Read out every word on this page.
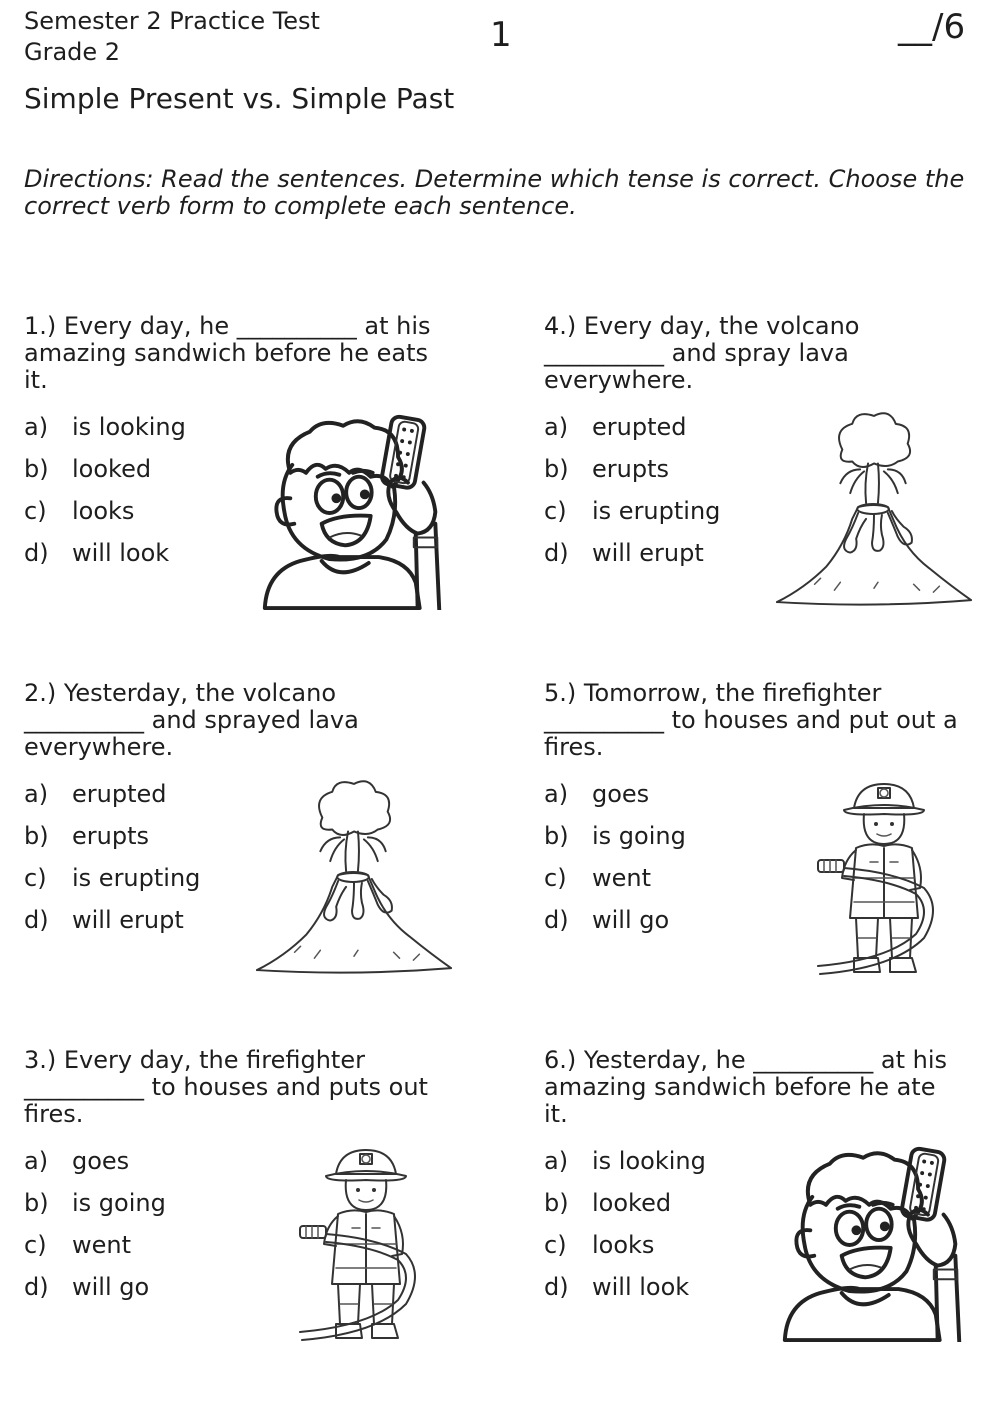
Semester 2 Practice Test
Grade 2	1	__/6
Simple Present vs. Simple Past
Directions: Read the sentences. Determine which tense is correct. Choose the correct verb form to complete each sentence.
1.) Every day, he __________ at his
amazing sandwich before he eats
it.
a) is looking
b) looked
c) looks
d) will look
2.) Yesterday, the volcano
__________ and sprayed lava
everywhere.
a) erupted
b) erupts
c) is erupting
d) will erupt
3.) Every day, the firefighter
__________ to houses and puts out
fires.
a) goes
b) is going
c) went
d) will go
4.) Every day, the volcano
__________ and spray lava
everywhere.
a) erupted
b) erupts
c) is erupting
d) will erupt
5.) Tomorrow, the firefighter
__________ to houses and put out a
fires.
a) goes
b) is going
c) went
d) will go
6.) Yesterday, he __________ at his
amazing sandwich before he ate
it.
a) is looking
b) looked
c) looks
d) will look
